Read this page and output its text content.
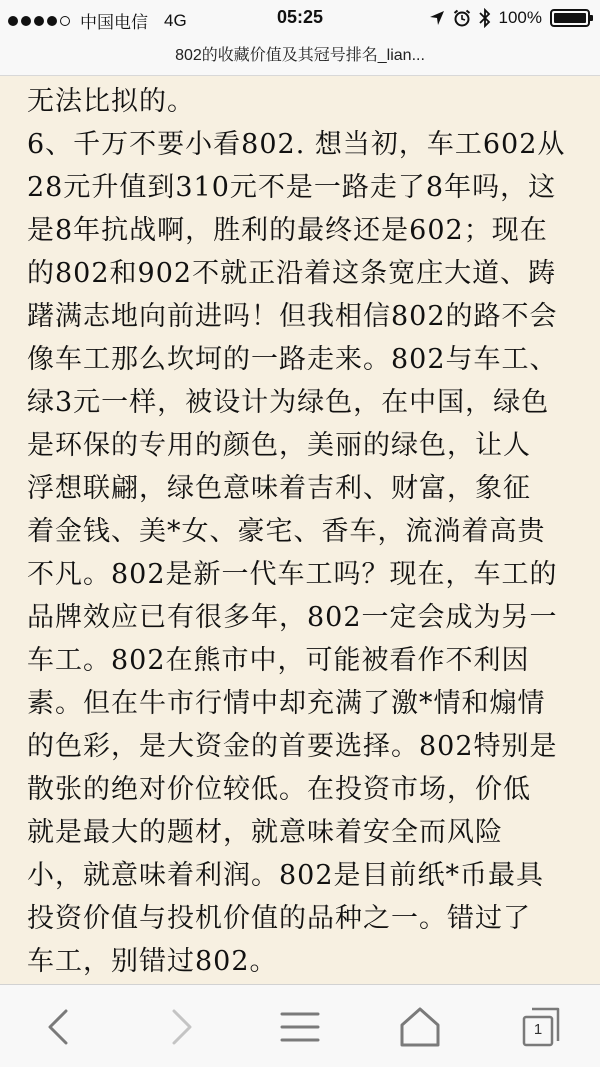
中国电信 4G	05:25	100%
802的收藏价值及其冠号排名_lian...
无法比拟的。
6、千万不要小看802. 想当初，车工602从
28元升值到310元不是一路走了8年吗，这
是8年抗战啊，胜利的最终还是602；现在
的802和902不就正沿着这条宽庄大道、踌
躇满志地向前进吗！但我相信802的路不会
像车工那么坎坷的一路走来。802与车工、
绿3元一样，被设计为绿色，在中国，绿色
是环保的专用的颜色，美丽的绿色，让人
浮想联翩，绿色意味着吉利、财富，象征
着金钱、美*女、豪宅、香车，流淌着高贵
不凡。802是新一代车工吗？现在，车工的
品牌效应已有很多年，802一定会成为另一
车工。802在熊市中，可能被看作不利因
素。但在牛市行情中却充满了激*情和煽情
的色彩，是大资金的首要选择。802特别是
散张的绝对价位较低。在投资市场，价低
就是最大的题材，就意味着安全而风险
小，就意味着利润。802是目前纸*币最具
投资价值与投机价值的品种之一。错过了
车工，别错过802。
1
